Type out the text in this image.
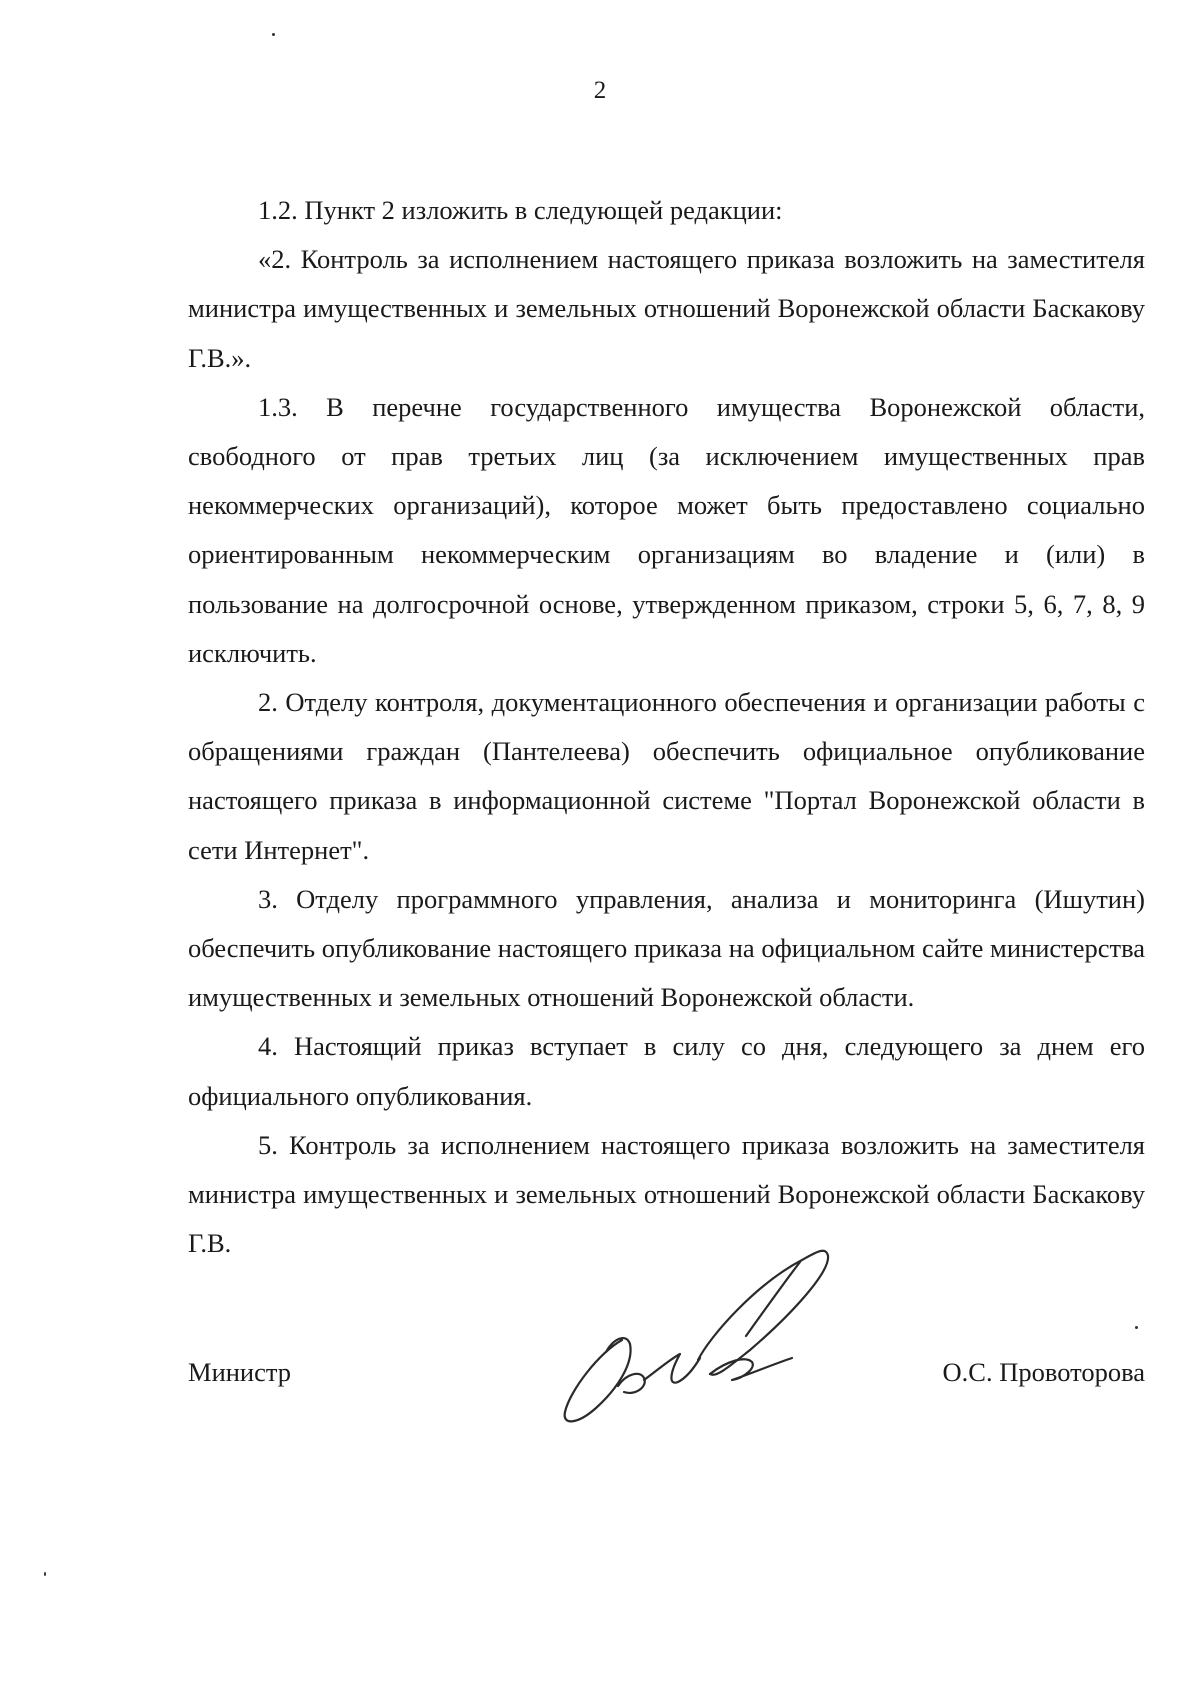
2

1.2. Пункт 2 изложить в следующей редакции:

«2. Контроль за исполнением настоящего приказа возложить на заместителя министра имущественных и земельных отношений Воронежской области Баскакову Г.В.».

1.3. В перечне государственного имущества Воронежской области, свободного от прав третьих лиц (за исключением имущественных прав некоммерческих организаций), которое может быть предоставлено социально ориентированным некоммерческим организациям во владение и (или) в пользование на долгосрочной основе, утвержденном приказом, строки 5, 6, 7, 8, 9 исключить.

2. Отделу контроля, документационного обеспечения и организации работы с обращениями граждан (Пантелеева) обеспечить официальное опубликование настоящего приказа в информационной системе "Портал Воронежской области в сети Интернет".

3. Отделу программного управления, анализа и мониторинга (Ишутин) обеспечить опубликование настоящего приказа на официальном сайте министерства имущественных и земельных отношений Воронежской области.

4. Настоящий приказ вступает в силу со дня, следующего за днем его официального опубликования.

5. Контроль за исполнением настоящего приказа возложить на заместителя министра имущественных и земельных отношений Воронежской области Баскакову Г.В.

Министр	О.С. Провоторова
